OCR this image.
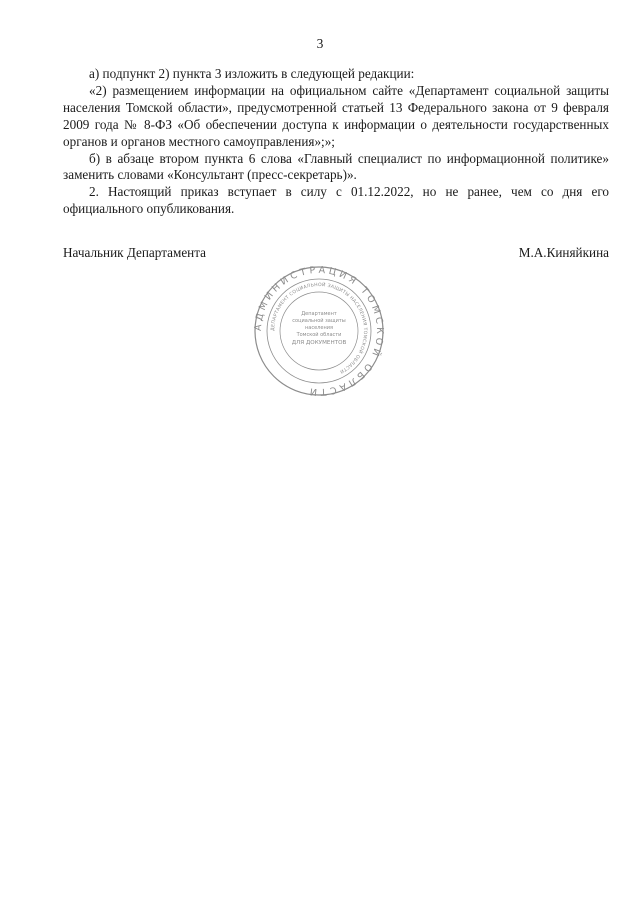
3

а) подпункт 2) пункта 3 изложить в следующей редакции:

«2) размещением информации на официальном сайте «Департамент социальной защиты населения Томской области», предусмотренной статьей 13 Федерального закона от 9 февраля 2009 года № 8-ФЗ «Об обеспечении доступа к информации о деятельности государственных органов и органов местного самоуправления»;»;

б) в абзаце втором пункта 6 слова «Главный специалист по информационной политике» заменить словами «Консультант (пресс-секретарь)».

2. Настоящий приказ вступает в силу с 01.12.2022, но не ранее, чем со дня его официального опубликования.

Начальник Департамента	М.А.Киняйкина
АДМИНИСТРАЦИЯ ТОМСКОЙ ОБЛАСТИ
ДЕПАРТАМЕНТ СОЦИАЛЬНОЙ ЗАЩИТЫ НАСЕЛЕНИЯ ТОМСКОЙ ОБЛАСТИ
Департамент
социальной защиты
населения
Томской области
ДЛЯ ДОКУМЕНТОВ
